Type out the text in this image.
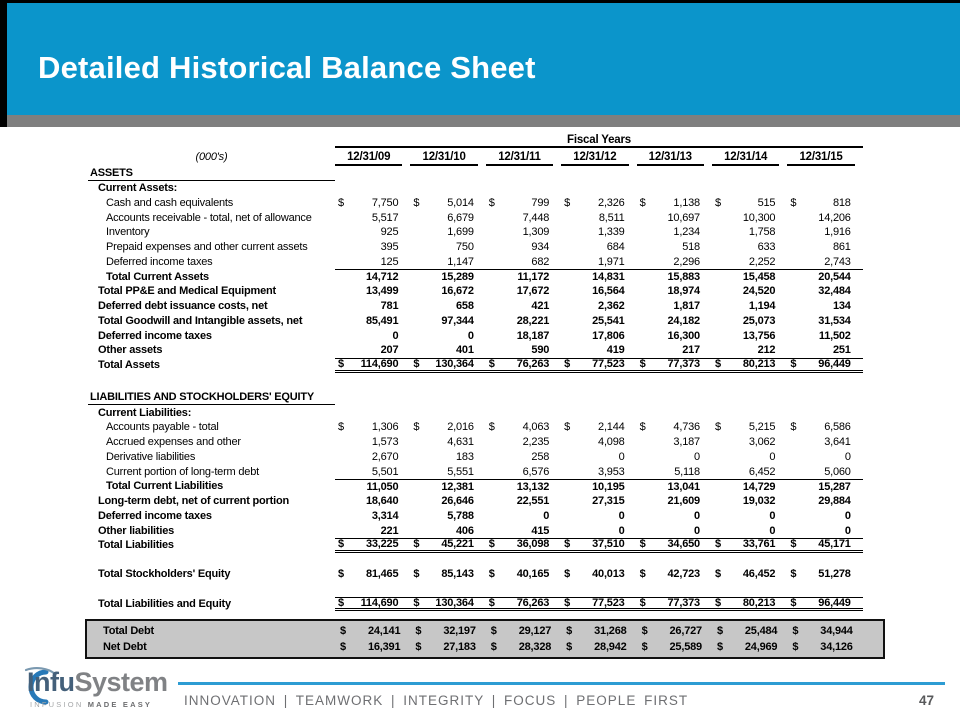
Detailed Historical Balance Sheet
Fiscal Years
(000's)	12/31/09	12/31/10	12/31/11	12/31/12	12/31/13	12/31/14	12/31/15
ASSETS
Current Assets:
Cash and cash equivalents	$	7,750 $	5,014 $	799 $	2,326 $	1,138 $	515 $	818
Accounts receivable - total, net of allowance	5,517	6,679	7,448	8,511	10,697	10,300	14,206
Inventory	925	1,699	1,309	1,339	1,234	1,758	1,916
Prepaid expenses and other current assets	395	750	934	684	518	633	861
Deferred income taxes	125	1,147	682	1,971	2,296	2,252	2,743
Total Current Assets	14,712	15,289	11,172	14,831	15,883	15,458	20,544
Total PP&E and Medical Equipment	13,499	16,672	17,672	16,564	18,974	24,520	32,484
Deferred debt issuance costs, net	781	658	421	2,362	1,817	1,194	134
Total Goodwill and Intangible assets, net	85,491	97,344	28,221	25,541	24,182	25,073	31,534
Deferred income taxes	0	0	18,187	17,806	16,300	13,756	11,502
Other assets	207	401	590	419	217	212	251
Total Assets	$ 114,690 $ 130,364 $ 76,263 $ 77,523 $ 77,373 $ 80,213 $ 96,449
LIABILITIES AND STOCKHOLDERS' EQUITY
Current Liabilities:
Accounts payable - total	$	1,306 $	2,016 $	4,063 $	2,144 $	4,736 $	5,215 $	6,586
Accrued expenses and other	1,573	4,631	2,235	4,098	3,187	3,062	3,641
Derivative liabilities	2,670	183	258	0	0	0	0
Current portion of long-term debt	5,501	5,551	6,576	3,953	5,118	6,452	5,060
Total Current Liabilities	11,050	12,381	13,132	10,195	13,041	14,729	15,287
Long-term debt, net of current portion	18,640	26,646	22,551	27,315	21,609	19,032	29,884
Deferred income taxes	3,314	5,788	0	0	0	0	0
Other liabilities	221	406	415	0	0	0	0
Total Liabilities	$ 33,225 $ 45,221 $ 36,098 $ 37,510 $ 34,650 $ 33,761 $ 45,171
Total Stockholders' Equity	$ 81,465 $ 85,143 $ 40,165 $ 40,013 $ 42,723 $ 46,452 $ 51,278
Total Liabilities and Equity	$ 114,690 $ 130,364 $ 76,263 $ 77,523 $ 77,373 $ 80,213 $ 96,449
Total Debt	$ 24,141 $ 32,197 $ 29,127 $ 31,268 $ 26,727 $ 25,484 $ 34,944
Net Debt	$ 16,391 $ 27,183 $ 28,328 $ 28,942 $ 25,589 $ 24,969 $ 34,126
InfuSystem
INFUSION MADE EASY INNOVATION | TEAMWORK | INTEGRITY | FOCUS | PEOPLE FIRST	47
